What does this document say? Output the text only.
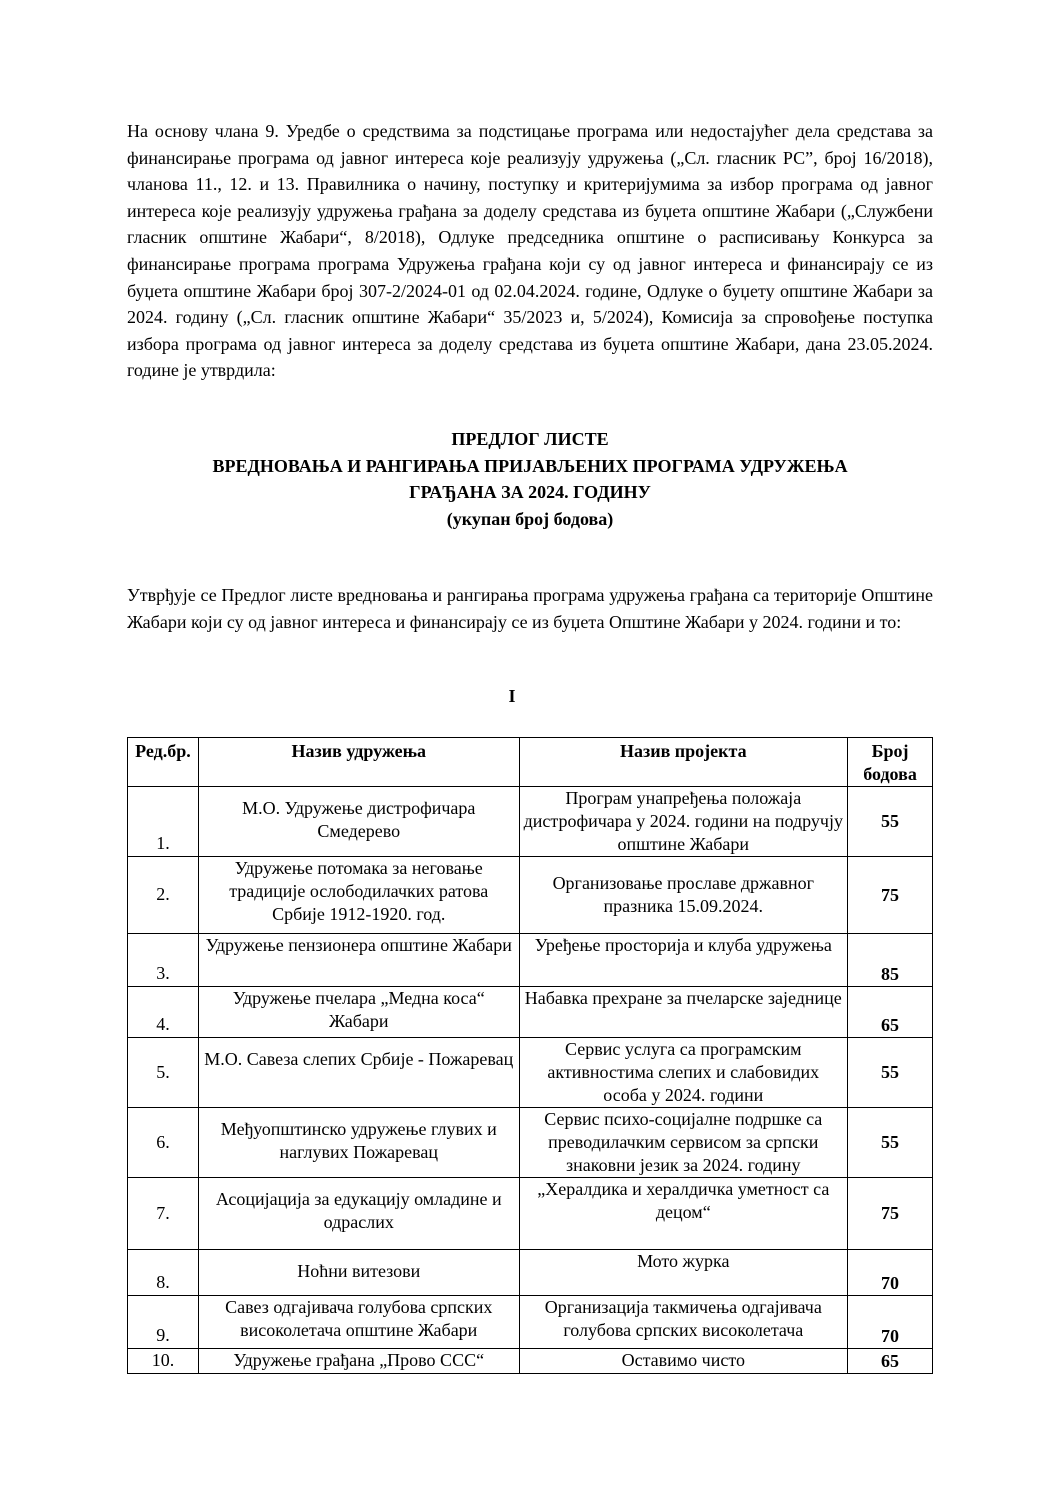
На основу члана 9. Уредбе о средствима за подстицање програма или недостајућег дела средстава за финансирање програма од јавног интереса које реализују удружења („Сл. гласник РС”, број 16/2018), чланова 11., 12. и 13. Правилника о начину, поступку и критеријумима за избор програма од јавног интереса које реализују удружења грађана за доделу средстава из буџета општине Жабари („Службени гласник општине Жабари“, 8/2018), Одлуке председника општине о расписивању Конкурса за финансирање програма програма Удружења грађана који су од јавног интереса и финансирају се из буџета општине Жабари број 307-2/2024-01 од 02.04.2024. године, Одлуке о буџету општине Жабари за 2024. годину („Сл. гласник општине Жабари“ 35/2023 и, 5/2024), Комисија за спровођење поступка избора програма од јавног интереса за доделу средстава из буџета општине Жабари, дана 23.05.2024. године је утврдила:

ПРЕДЛОГ ЛИСТЕ
ВРЕДНОВАЊА И РАНГИРАЊА ПРИЈАВЉЕНИХ ПРОГРАМА УДРУЖЕЊА
ГРАЂАНА ЗА 2024. ГОДИНУ
(укупан број бодова)

Утврђује се Предлог листе вредновања и рангирања програма удружења грађана са територије Општине Жабари који су од јавног интереса и финансирају се из буџета Општине Жабари у 2024. години и то:

I
Ред.бр.	Назив удружења	Назив пројекта	Број бодова
1.	М.О. Удружење дистрофичара Смедерево	Програм унапређења положаја дистрофичара у 2024. години на подручју општине Жабари	55
2.	Удружење потомака за неговање традиције ослободилачких ратова Србије 1912-1920. год.	Организовање прославе државног празника 15.09.2024.	75
3.	Удружење пензионера општине Жабари	Уређење просторија и клуба удружења	85
4.	Удружење пчелара „Медна коса“ Жабари	Набавка прехране за пчеларске заједнице	65
5.	М.О. Савеза слепих Србије - Пожаревац	Сервис услуга са програмским активностима слепих и слабовидих особа у 2024. години	55
6.	Међуопштинско удружење глувих и наглувих Пожаревац	Сервис психо-социјалне подршке са преводилачким сервисом за српски знаковни језик за 2024. годину	55
7.	Асоцијација за едукацију омладине и одраслих	„Хералдика и хералдичка уметност са децом“	75
8.	Ноћни витезови	Мото журка	70
9.	Савез одгајивача голубова српских високолетача општине Жабари	Организација такмичења одгајивача голубова српских високолетача	70
10.	Удружење грађана „Прово ССС“	Оставимо чисто	65
